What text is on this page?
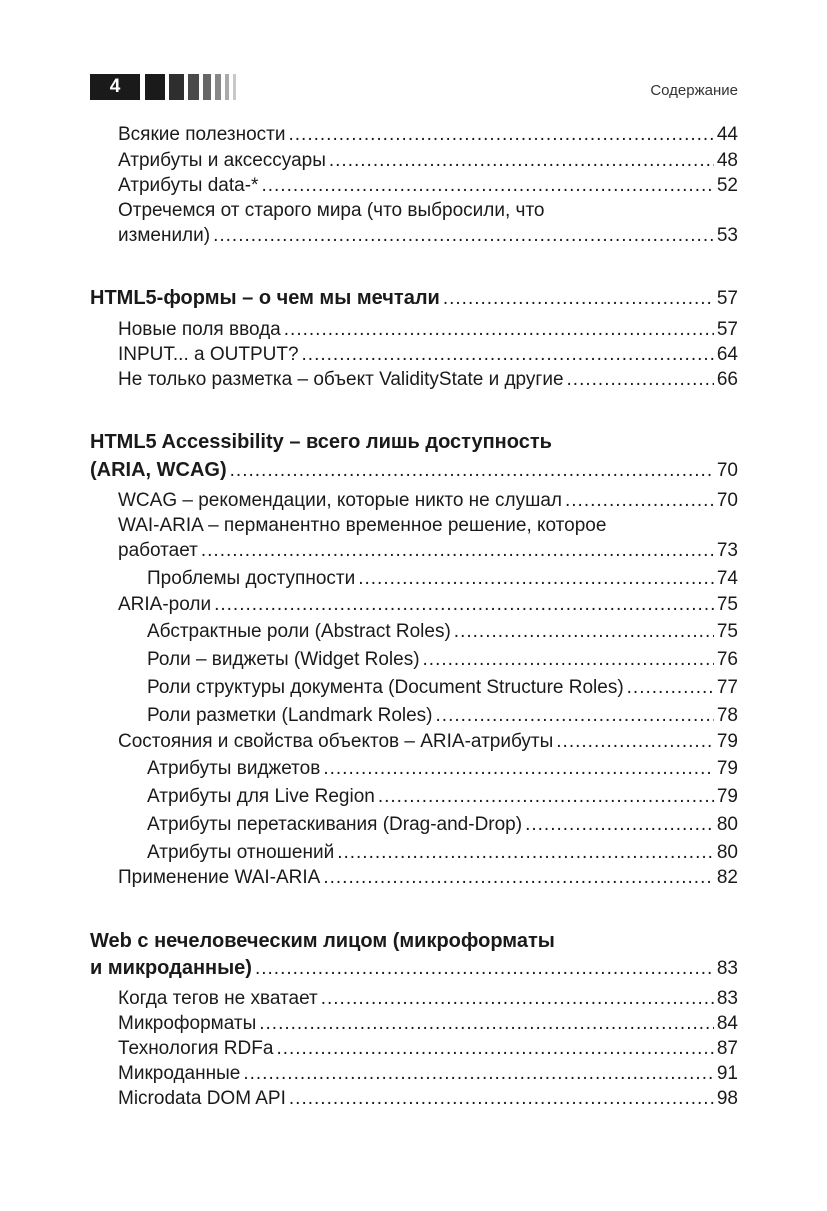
4	Содержание
Всякие полезности .....	44
Атрибуты и аксессуары .....	48
Атрибуты data-* .....	52
Отречемся от старого мира (что выбросили, что
изменили) .....	53
HTML5-формы – о чем мы мечтали .....	57
Новые поля ввода .....	57
INPUT... а OUTPUT? .....	64
Не только разметка – объект ValidityState и другие .....	66
HTML5 Accessibility – всего лишь доступность
(ARIA, WCAG) .....	70
WCAG – рекомендации, которые никто не слушал .....	70
WAI-ARIA – перманентно временное решение, которое
работает .....	73
Проблемы доступности .....	74
ARIA-роли .....	75
Абстрактные роли (Abstract Roles) .....	75
Роли – виджеты (Widget Roles) .....	76
Роли структуры документа (Document Structure Roles) .....	77
Роли разметки (Landmark Roles) .....	78
Состояния и свойства объектов – ARIA-атрибуты .....	79
Атрибуты виджетов .....	79
Атрибуты для Live Region .....	79
Атрибуты перетаскивания (Drag-and-Drop) .....	80
Атрибуты отношений .....	80
Применение WAI-ARIA .....	82
Web с нечеловеческим лицом (микроформаты
и микроданные) .....	83
Когда тегов не хватает .....	83
Микроформаты .....	84
Технология RDFa .....	87
Микроданные .....	91
Microdata DOM API .....	98
